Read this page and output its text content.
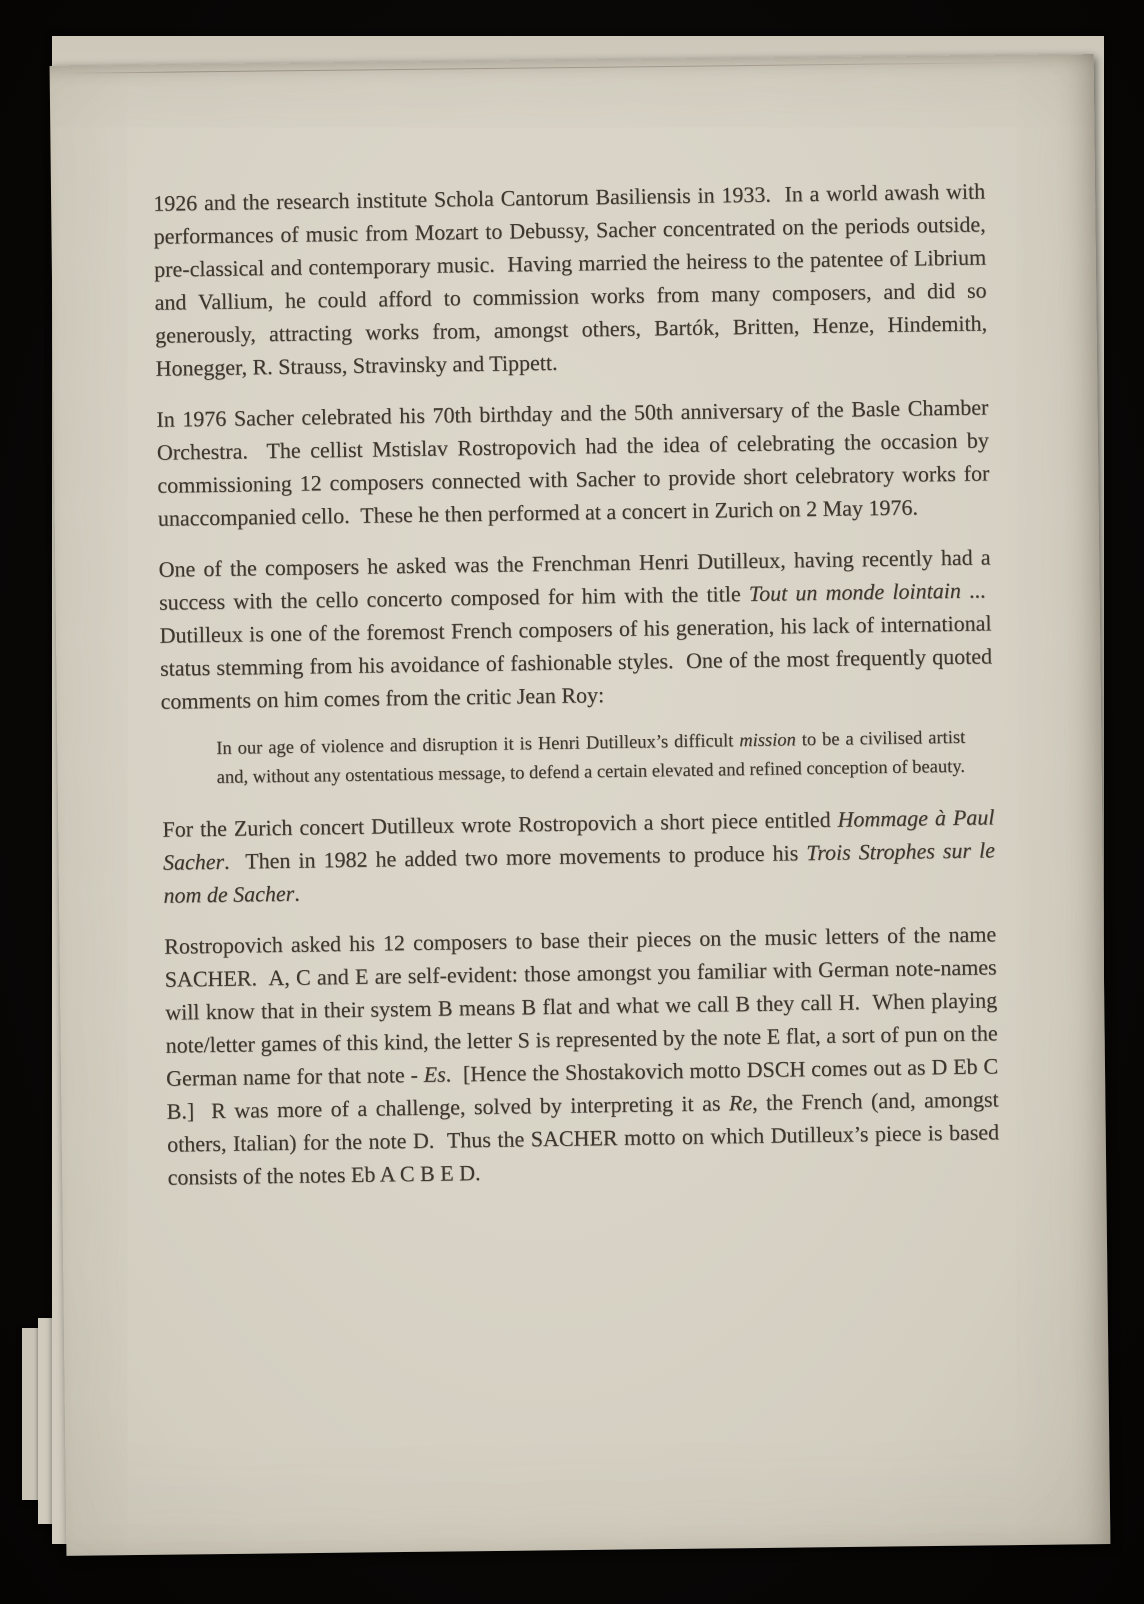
1926 and the research institute Schola Cantorum Basiliensis in 1933.  In a world awash with performances of music from Mozart to Debussy, Sacher concentrated on the periods outside, pre-classical and contemporary music.  Having married the heiress to the patentee of Librium and Vallium, he could afford to commission works from many composers, and did so generously, attracting works from, amongst others, Bartók, Britten, Henze, Hindemith, Honegger, R. Strauss, Stravinsky and Tippett.

In 1976 Sacher celebrated his 70th birthday and the 50th anniversary of the Basle Chamber Orchestra.  The cellist Mstislav Rostropovich had the idea of celebrating the occasion by commissioning 12 composers connected with Sacher to provide short celebratory works for unaccompanied cello.  These he then performed at a concert in Zurich on 2 May 1976.

One of the composers he asked was the Frenchman Henri Dutilleux, having recently had a success with the cello concerto composed for him with the title Tout un monde lointain ...  Dutilleux is one of the foremost French composers of his generation, his lack of international status stemming from his avoidance of fashionable styles.  One of the most frequently quoted comments on him comes from the critic Jean Roy:

In our age of violence and disruption it is Henri Dutilleux’s difficult mission to be a civilised artist and, without any ostentatious message, to defend a certain elevated and refined conception of beauty.

For the Zurich concert Dutilleux wrote Rostropovich a short piece entitled Hommage à Paul Sacher.  Then in 1982 he added two more movements to produce his Trois Strophes sur le nom de Sacher.

Rostropovich asked his 12 composers to base their pieces on the music letters of the name SACHER.  A, C and E are self-evident: those amongst you familiar with German note-names will know that in their system B means B flat and what we call B they call H.  When playing note/letter games of this kind, the letter S is represented by the note E flat, a sort of pun on the German name for that note - Es.  [Hence the Shostakovich motto DSCH comes out as D Eb C B.]  R was more of a challenge, solved by interpreting it as Re, the French (and, amongst others, Italian) for the note D.  Thus the SACHER motto on which Dutilleux’s piece is based consists of the notes Eb A C B E D.
